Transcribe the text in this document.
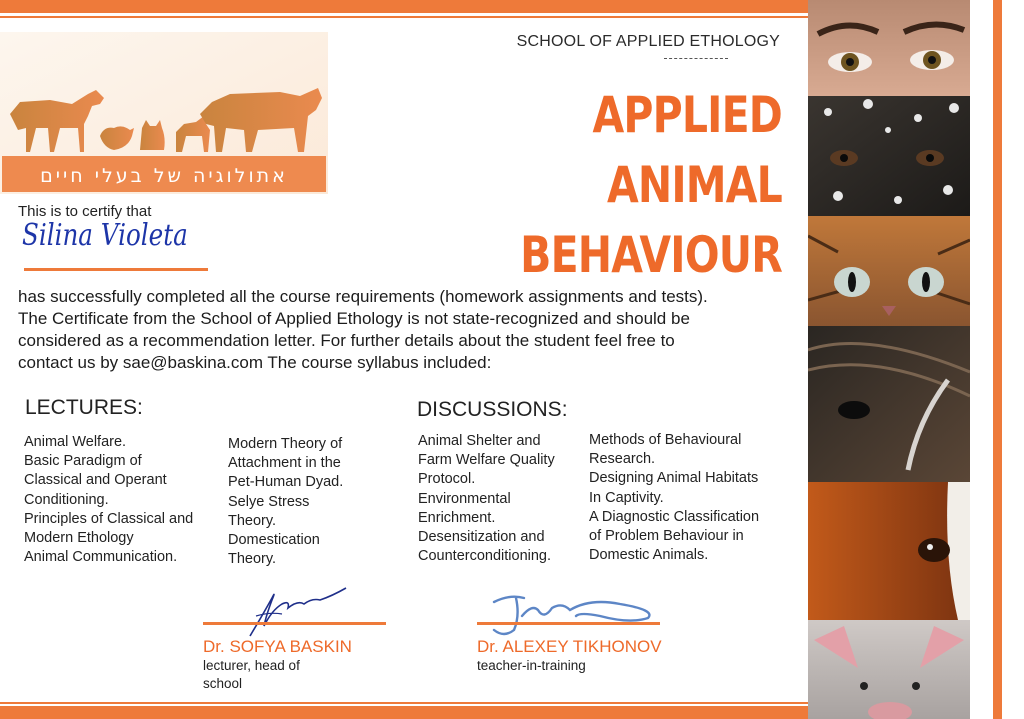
SCHOOL OF APPLIED ETHOLOGY
APPLIED ANIMAL
BEHAVIOUR
אתולוגיה של בעלי חיים
This is to certify that
Silina Violeta
has successfully completed all the course requirements (homework assignments and tests).
The Certificate from the School of Applied Ethology is not state-recognized and should be
considered as a recommendation letter. For further details about the student feel free to
contact us by sae@baskina.com The course syllabus included:
LECTURES:	DISCUSSIONS:
Animal Welfare.
Basic Paradigm of
Classical and Operant
Conditioning.
Principles of Classical and
Modern Ethology
Animal Communication.
Modern Theory of
Attachment in the
Pet-Human Dyad.
Selye Stress
Theory.
Domestication
Theory.
Animal Shelter and
Farm Welfare Quality
Protocol.
Environmental
Enrichment.
Desensitization and
Counterconditioning.
Methods of Behavioural
Research.
Designing Animal Habitats
In Captivity.
A Diagnostic Classification
of Problem Behaviour in
Domestic Animals.
Dr. SOFYA BASKIN	Dr. ALEXEY TIKHONOV
lecturer, head of
school
teacher-in-training
